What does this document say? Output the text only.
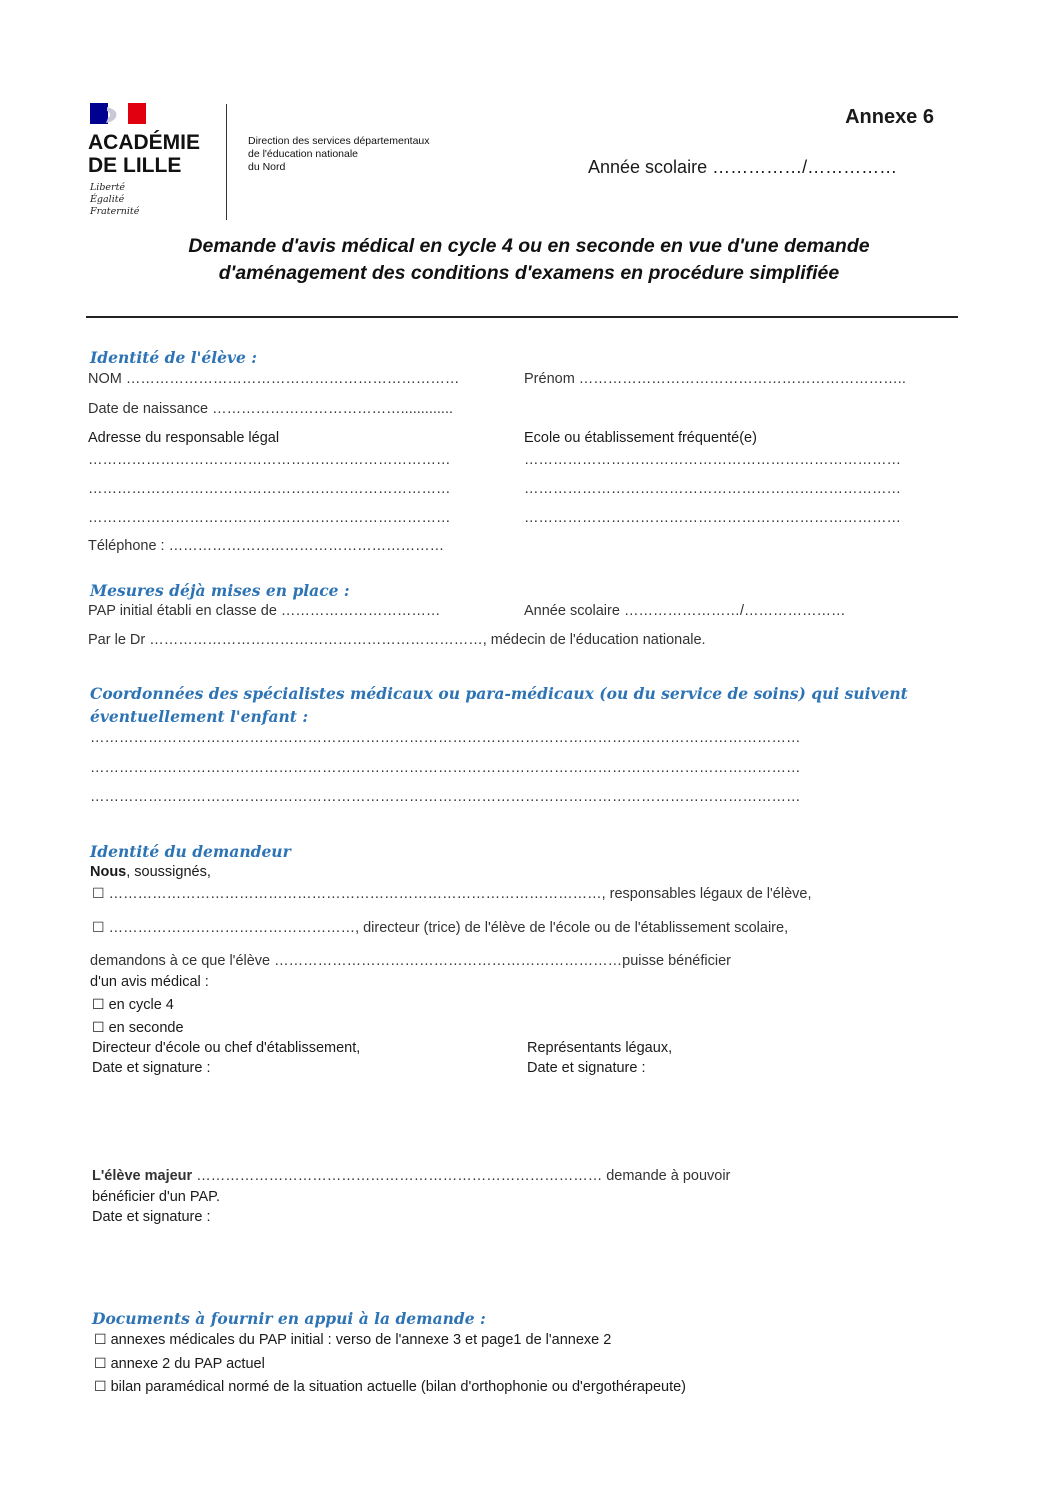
ACADÉMIE
DE LILLE
Liberté
Égalité
Fraternité
Direction des services départementaux
de l'éducation nationale
du Nord
Annexe 6
Année scolaire ……………/……………
Demande d'avis médical en cycle 4 ou en seconde en vue d'une demande
d'aménagement des conditions d'examens en procédure simplifiée
Identité de l'élève :
NOM ……………………………………………………………	Prénom …………………………………………………………..
Date de naissance ………………………………….............
Adresse du responsable légal	Ecole ou établissement fréquenté(e)
…………………………………………………………………
…………………………………………………………………
…………………………………………………………………
……………………………………………………………………
……………………………………………………………………
……………………………………………………………………
Téléphone : …………………………………………………
Mesures déjà mises en place :
PAP initial établi en classe de ……………………………	Année scolaire ……………………/…………………
Par le Dr ……………………………………………………………, médecin de l'éducation nationale.
Coordonnées des spécialistes médicaux ou para-médicaux (ou du service de soins) qui suivent
éventuellement l'enfant :
…………………………………………………………………………………………………………………………………
…………………………………………………………………………………………………………………………………
…………………………………………………………………………………………………………………………………
Identité du demandeur
Nous, soussignés,
☐ …………………………………………………………………………………………, responsables légaux de l'élève,
☐ ……………………………………………, directeur (trice) de l'élève de l'école ou de l'établissement scolaire,
demandons à ce que l'élève ………………………………………………………………puisse bénéficier
d'un avis médical :
☐ en cycle 4
☐ en seconde
Directeur d'école ou chef d'établissement,
Date et signature :
Représentants légaux,
Date et signature :
L'élève majeur ………………………………………………………………………… demande à pouvoir
bénéficier d'un PAP.
Date et signature :
Documents à fournir en appui à la demande :
☐ annexes médicales du PAP initial : verso de l'annexe 3 et page1 de l'annexe 2
☐ annexe 2 du PAP actuel
☐ bilan paramédical normé de la situation actuelle (bilan d'orthophonie ou d'ergothérapeute)
